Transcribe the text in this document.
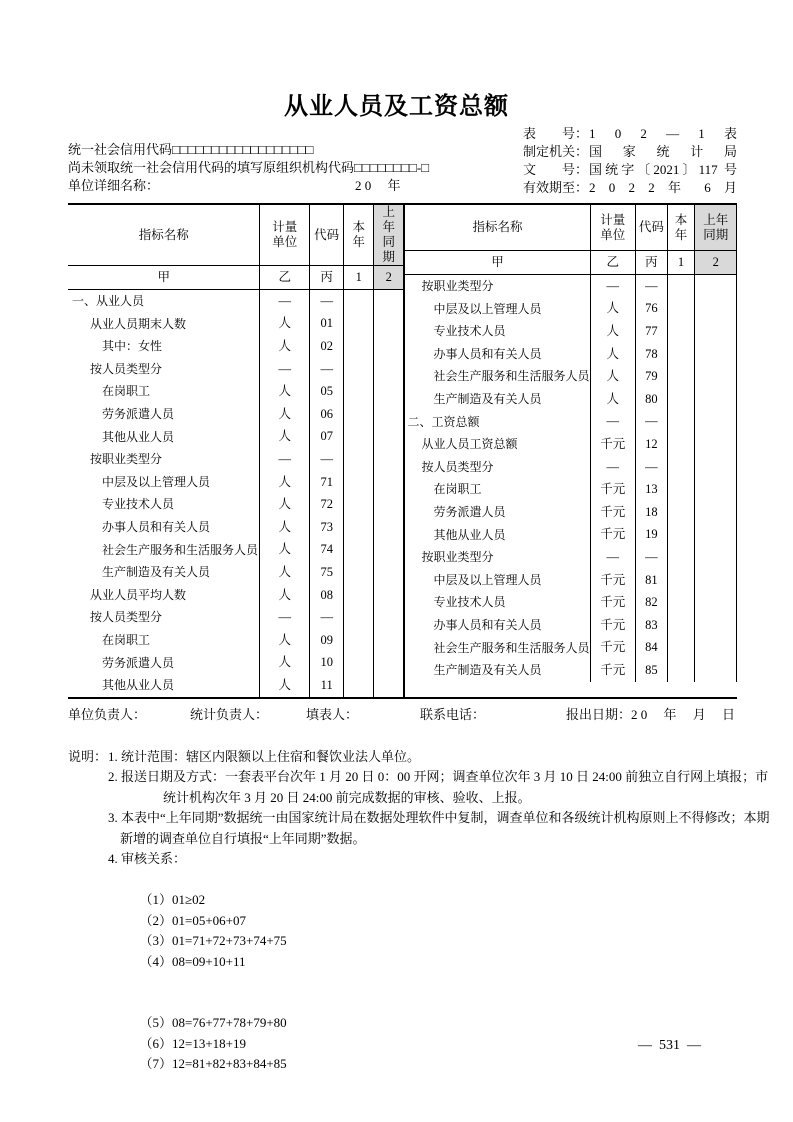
从业人员及工资总额
统一社会信用代码□□□□□□□□□□□□□□□□□□
尚未领取统一社会信用代码的填写原组织机构代码□□□□□□□□-□
单位详细名称：	2 0　 年
表　　号： 1 0 2 — 1 表
制定机关： 国 家 统 计 局
文　　号： 国统字〔2021〕117 号
有效期至： 2 0 2 2 年 6 月
指标名称	计量单位	代码	本年	上年同期
甲	乙	丙	1	2
一、从业人员	—	—		
从业人员期末人数	人	01		
其中：女性	人	02		
按人员类型分	—	—		
在岗职工	人	05		
劳务派遣人员	人	06		
其他从业人员	人	07		
按职业类型分	—	—		
中层及以上管理人员	人	71		
专业技术人员	人	72		
办事人员和有关人员	人	73		
社会生产服务和生活服务人员	人	74		
生产制造及有关人员	人	75		
从业人员平均人数	人	08		
按人员类型分	—	—		
在岗职工	人	09		
劳务派遣人员	人	10		
其他从业人员	人	11		
指标名称	计量单位	代码	本年	上年同期
甲	乙	丙	1	2
按职业类型分	—	—		
中层及以上管理人员	人	76		
专业技术人员	人	77		
办事人员和有关人员	人	78		
社会生产服务和生活服务人员	人	79		
生产制造及有关人员	人	80		
二、工资总额	—	—		
从业人员工资总额	千元	12		
按人员类型分	—	—		
在岗职工	千元	13		
劳务派遣人员	千元	18		
其他从业人员	千元	19		
按职业类型分	—	—		
中层及以上管理人员	千元	81		
专业技术人员	千元	82		
办事人员和有关人员	千元	83		
社会生产服务和生活服务人员	千元	84		
生产制造及有关人员	千元	85		
单位负责人：	统计负责人：	填表人：	联系电话：	报出日期：2 0　 年　 月　 日
说明： 1. 统计范围：辖区内限额以上住宿和餐饮业法人单位。
2. 报送日期及方式：一套表平台次年 1 月 20 日 0：00 开网；调查单位次年 3 月 10 日 24:00 前独立自行网上填报；市
统计机构次年 3 月 20 日 24:00 前完成数据的审核、验收、上报。
3. 本表中“上年同期”数据统一由国家统计局在数据处理软件中复制，调查单位和各级统计机构原则上不得修改；本期
新增的调查单位自行填报“上年同期”数据。
4. 审核关系：

（1）01≥02
（2）01=05+06+07
（3）01=71+72+73+74+75
（4）08=09+10+11

（5）08=76+77+78+79+80
（6）12=13+18+19
（7）12=81+82+83+84+85

—  531  —
